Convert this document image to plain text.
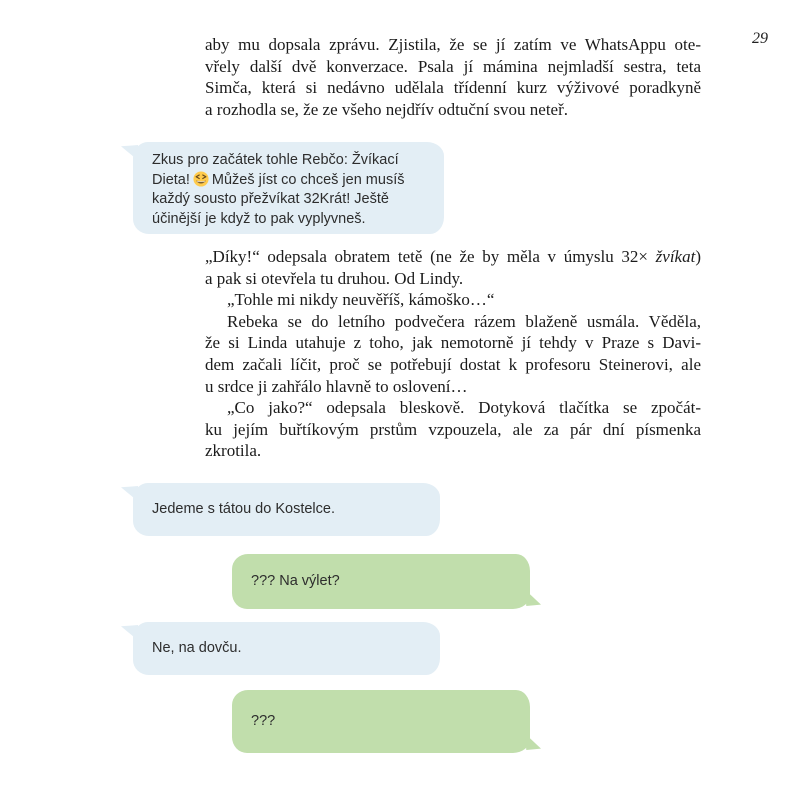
29
aby mu dopsala zprávu. Zjistila, že se jí zatím ve WhatsAppu ote-
vřely další dvě konverzace. Psala jí mámina nejmladší sestra, teta
Simča, která si nedávno udělala třídenní kurz výživové poradkyně
a rozhodla se, že ze všeho nejdřív odtuční svou neteř.
Zkus pro začátek tohle Rebčo: Žvíkací Dieta! Můžeš jíst co chceš jen musíš každý sousto přežvíkat 32Krát! Ještě účinější je když to pak vyplyvneš.
„Díky!“ odepsala obratem tetě (ne že by měla v úmyslu 32× žvíkat)
a pak si otevřela tu druhou. Od Lindy.
„Tohle mi nikdy neuvěříš, kámoško…“
Rebeka se do letního podvečera rázem blaženě usmála. Věděla,
že si Linda utahuje z toho, jak nemotorně jí tehdy v Praze s Davi-
dem začali líčit, proč se potřebují dostat k profesoru Steinerovi, ale
u srdce ji zahřálo hlavně to oslovení…
„Co jako?“ odepsala bleskově. Dotyková tlačítka se zpočát-
ku jejím buřtíkovým prstům vzpouzela, ale za pár dní písmenka
zkrotila.
Jedeme s tátou do Kostelce.
??? Na výlet?
Ne, na dovču.
???
